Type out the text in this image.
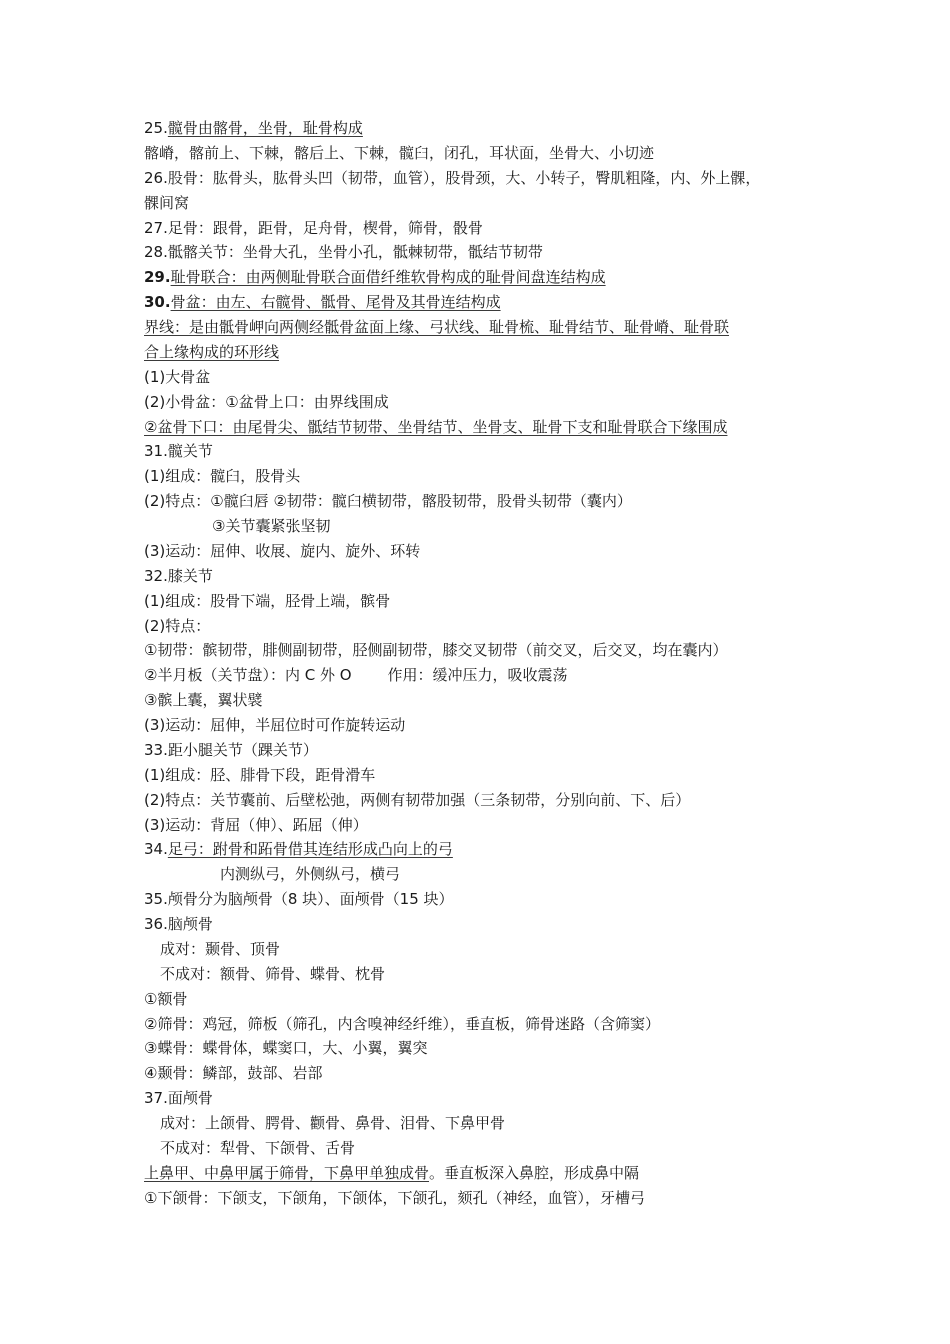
25.髋骨由髂骨，坐骨，耻骨构成
髂嵴，髂前上、下棘，髂后上、下棘，髋臼，闭孔，耳状面，坐骨大、小切迹
26.股骨：肱骨头，肱骨头凹（韧带，血管），股骨颈，大、小转子，臀肌粗隆，内、外上髁，
髁间窝
27.足骨：跟骨，距骨，足舟骨，楔骨，筛骨，骰骨
28.骶髂关节：坐骨大孔，坐骨小孔，骶棘韧带，骶结节韧带
29.耻骨联合：由两侧耻骨联合面借纤维软骨构成的耻骨间盘连结构成
30.骨盆：由左、右髋骨、骶骨、尾骨及其骨连结构成
界线：是由骶骨岬向两侧经骶骨盆面上缘、弓状线、耻骨梳、耻骨结节、耻骨嵴、耻骨联
合上缘构成的环形线
(1)大骨盆
(2)小骨盆：①盆骨上口：由界线围成
②盆骨下口：由尾骨尖、骶结节韧带、坐骨结节、坐骨支、耻骨下支和耻骨联合下缘围成
31.髋关节
(1)组成：髋臼，股骨头
(2)特点：①髋臼唇 ②韧带：髋臼横韧带，髂股韧带，股骨头韧带（囊内）
③关节囊紧张坚韧
(3)运动：屈伸、收展、旋内、旋外、环转
32.膝关节
(1)组成：股骨下端，胫骨上端，髌骨
(2)特点：
①韧带：髌韧带，腓侧副韧带，胫侧副韧带，膝交叉韧带（前交叉，后交叉，均在囊内）
②半月板（关节盘）：内 C 外 O 作用：缓冲压力，吸收震荡
③髌上囊，翼状襞
(3)运动：屈伸，半屈位时可作旋转运动
33.距小腿关节（踝关节）
(1)组成：胫、腓骨下段，距骨滑车
(2)特点：关节囊前、后壁松弛，两侧有韧带加强（三条韧带，分别向前、下、后）
(3)运动：背屈（伸）、跖屈（伸）
34.足弓：跗骨和跖骨借其连结形成凸向上的弓
内测纵弓，外侧纵弓，横弓
35.颅骨分为脑颅骨（8 块）、面颅骨（15 块）
36.脑颅骨
成对：颞骨、顶骨
不成对：额骨、筛骨、蝶骨、枕骨
①额骨
②筛骨：鸡冠，筛板（筛孔，内含嗅神经纤维），垂直板，筛骨迷路（含筛窦）
③蝶骨：蝶骨体，蝶窦口，大、小翼，翼突
④颞骨：鳞部，鼓部、岩部
37.面颅骨
成对：上颌骨、腭骨、颧骨、鼻骨、泪骨、下鼻甲骨
不成对：犁骨、下颌骨、舌骨
上鼻甲、中鼻甲属于筛骨，下鼻甲单独成骨。垂直板深入鼻腔，形成鼻中隔
①下颌骨：下颌支，下颌角，下颌体，下颌孔，颏孔（神经，血管），牙槽弓
